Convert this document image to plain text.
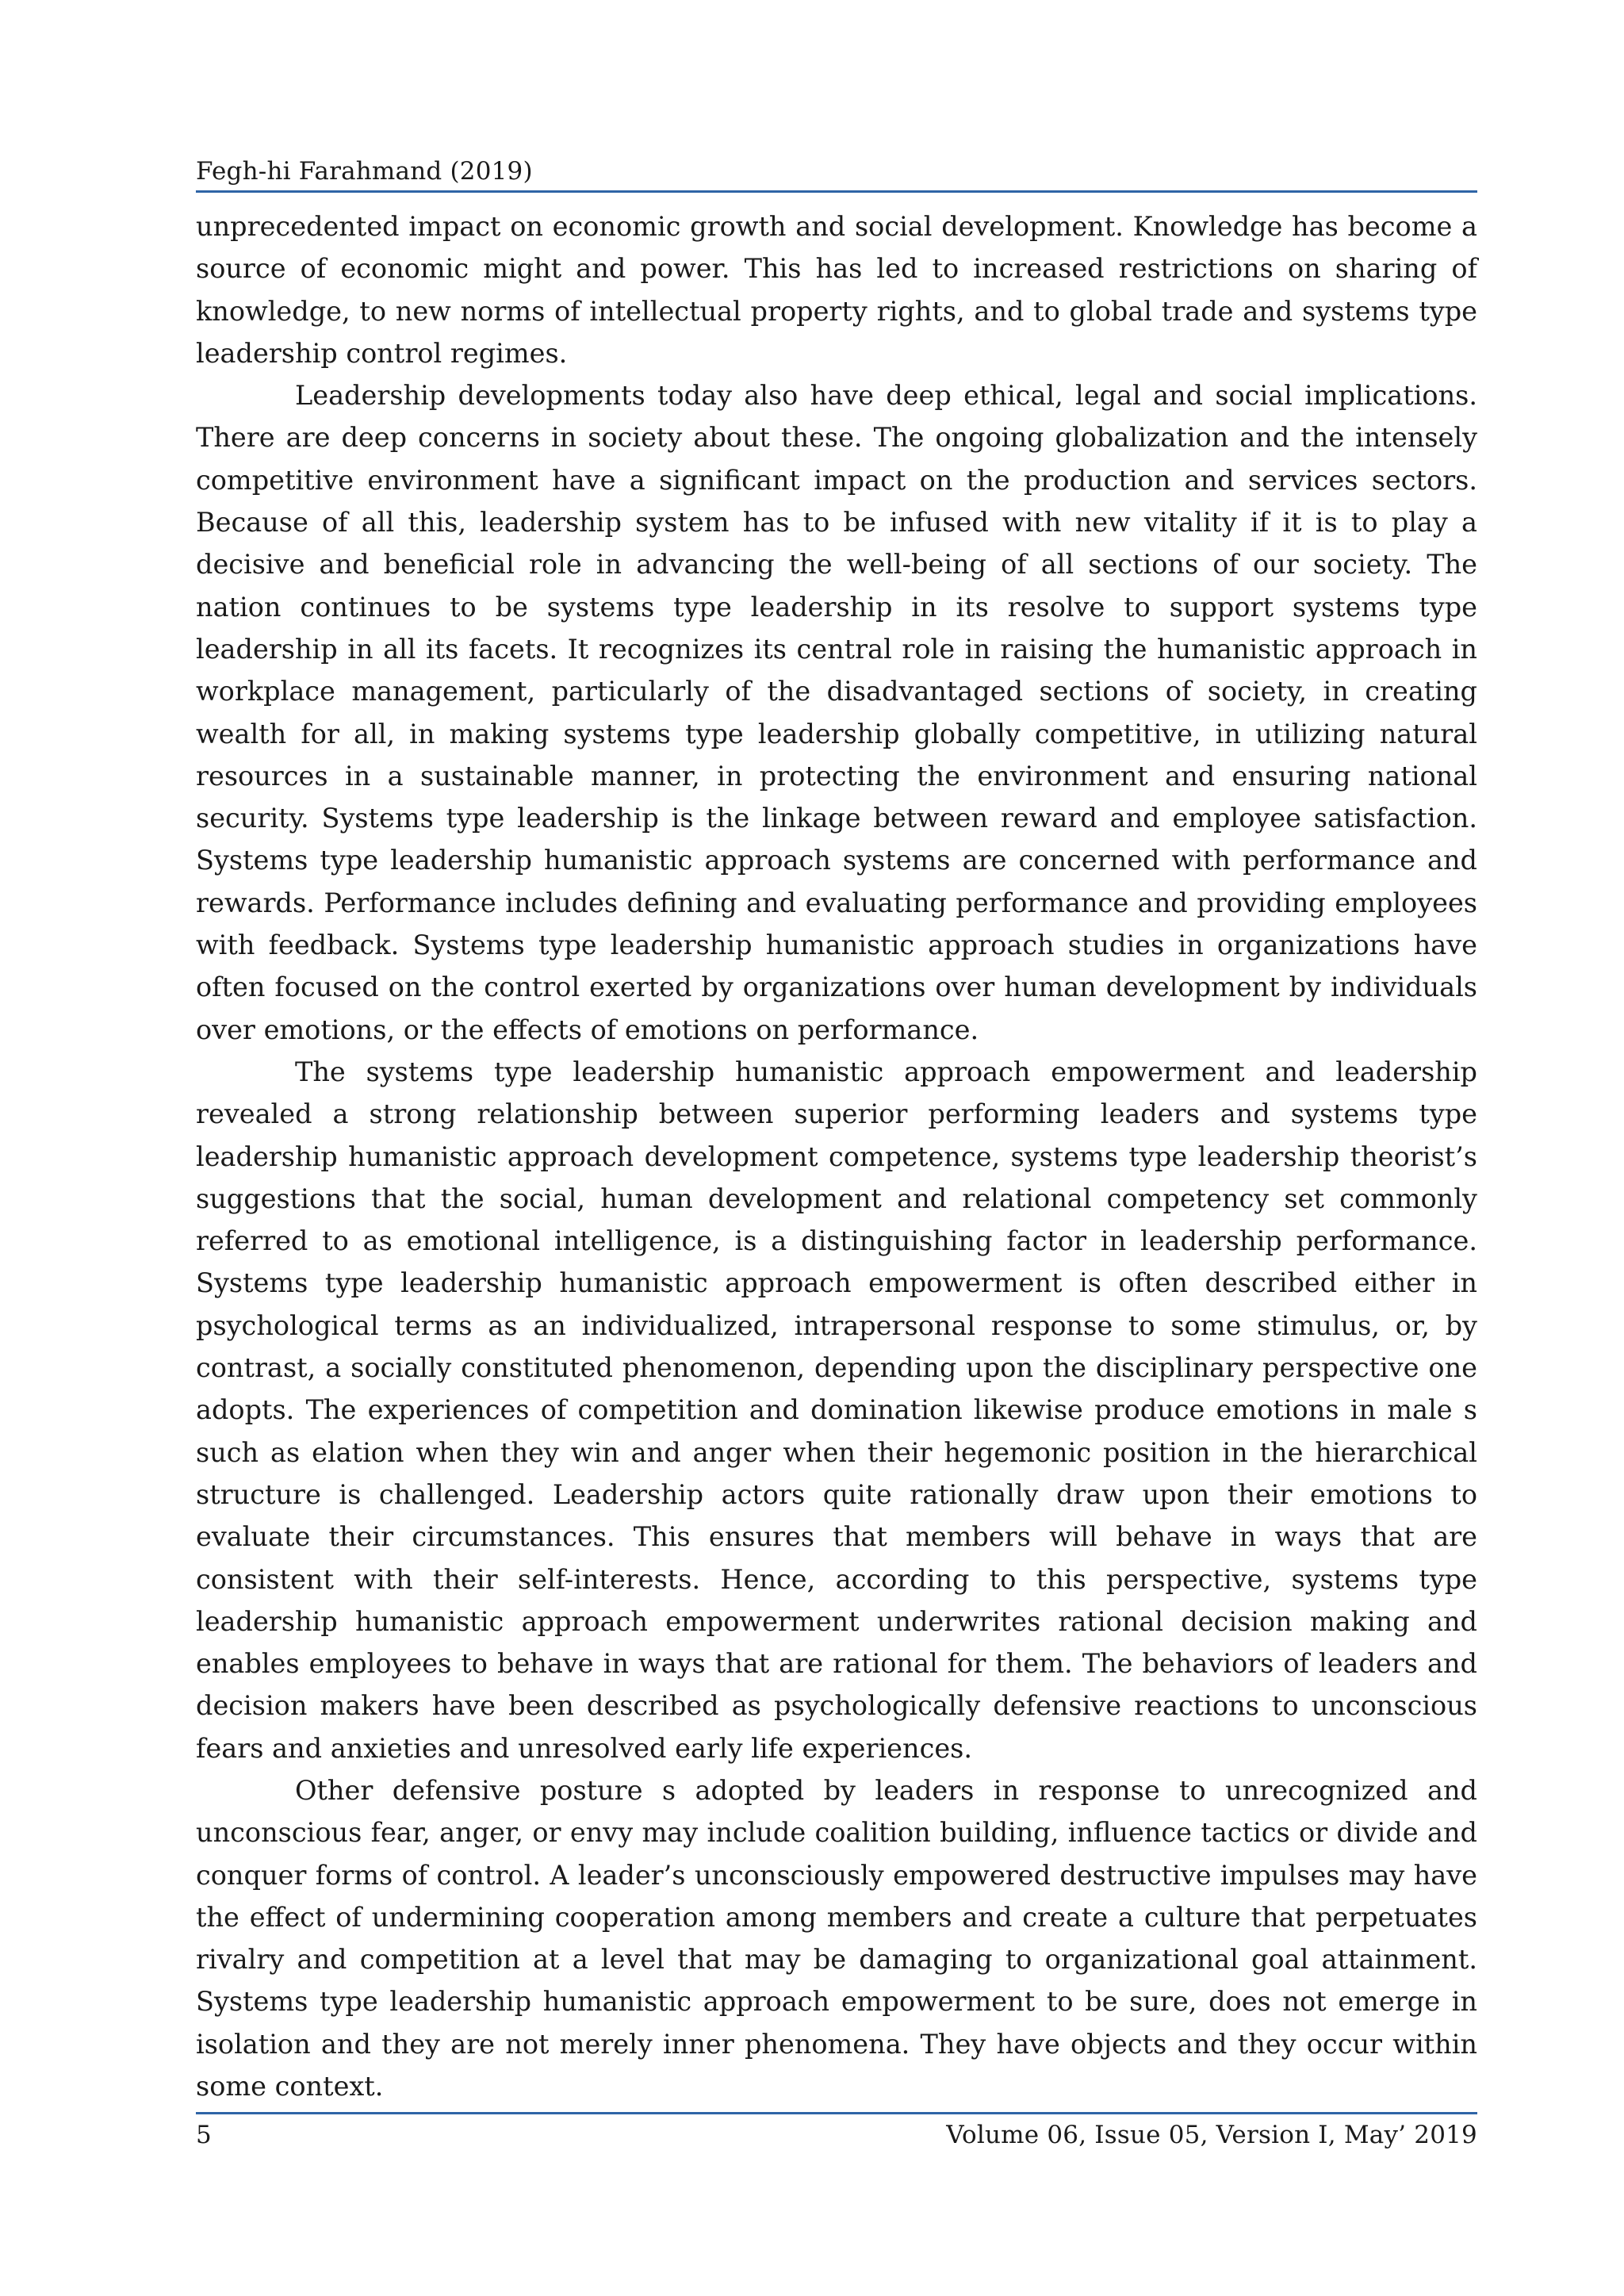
Fegh-hi Farahmand (2019)

unprecedented impact on economic growth and social development. Knowledge has become a source of economic might and power. This has led to increased restrictions on sharing of knowledge, to new norms of intellectual property rights, and to global trade and systems type leadership control regimes.

Leadership developments today also have deep ethical, legal and social implications. There are deep concerns in society about these. The ongoing globalization and the intensely competitive environment have a significant impact on the production and services sectors. Because of all this, leadership system has to be infused with new vitality if it is to play a decisive and beneficial role in advancing the well-being of all sections of our society. The nation continues to be systems type leadership in its resolve to support systems type leadership in all its facets. It recognizes its central role in raising the humanistic approach in workplace management, particularly of the disadvantaged sections of society, in creating wealth for all, in making systems type leadership globally competitive, in utilizing natural resources in a sustainable manner, in protecting the environment and ensuring national security. Systems type leadership is the linkage between reward and employee satisfaction. Systems type leadership humanistic approach systems are concerned with performance and rewards. Performance includes defining and evaluating performance and providing employees with feedback. Systems type leadership humanistic approach studies in organizations have often focused on the control exerted by organizations over human development by individuals over emotions, or the effects of emotions on performance.

The systems type leadership humanistic approach empowerment and leadership revealed a strong relationship between superior performing leaders and systems type leadership humanistic approach development competence, systems type leadership theorist’s suggestions that the social, human development and relational competency set commonly referred to as emotional intelligence, is a distinguishing factor in leadership performance. Systems type leadership humanistic approach empowerment is often described either in psychological terms as an individualized, intrapersonal response to some stimulus, or, by contrast, a socially constituted phenomenon, depending upon the disciplinary perspective one adopts. The experiences of competition and domination likewise produce emotions in male s such as elation when they win and anger when their hegemonic position in the hierarchical structure is challenged. Leadership actors quite rationally draw upon their emotions to evaluate their circumstances. This ensures that members will behave in ways that are consistent with their self-interests. Hence, according to this perspective, systems type leadership humanistic approach empowerment underwrites rational decision making and enables employees to behave in ways that are rational for them. The behaviors of leaders and decision makers have been described as psychologically defensive reactions to unconscious fears and anxieties and unresolved early life experiences.

Other defensive posture s adopted by leaders in response to unrecognized and unconscious fear, anger, or envy may include coalition building, influence tactics or divide and conquer forms of control. A leader’s unconsciously empowered destructive impulses may have the effect of undermining cooperation among members and create a culture that perpetuates rivalry and competition at a level that may be damaging to organizational goal attainment. Systems type leadership humanistic approach empowerment to be sure, does not emerge in isolation and they are not merely inner phenomena. They have objects and they occur within some context.

5	Volume 06, Issue 05, Version I, May’ 2019
